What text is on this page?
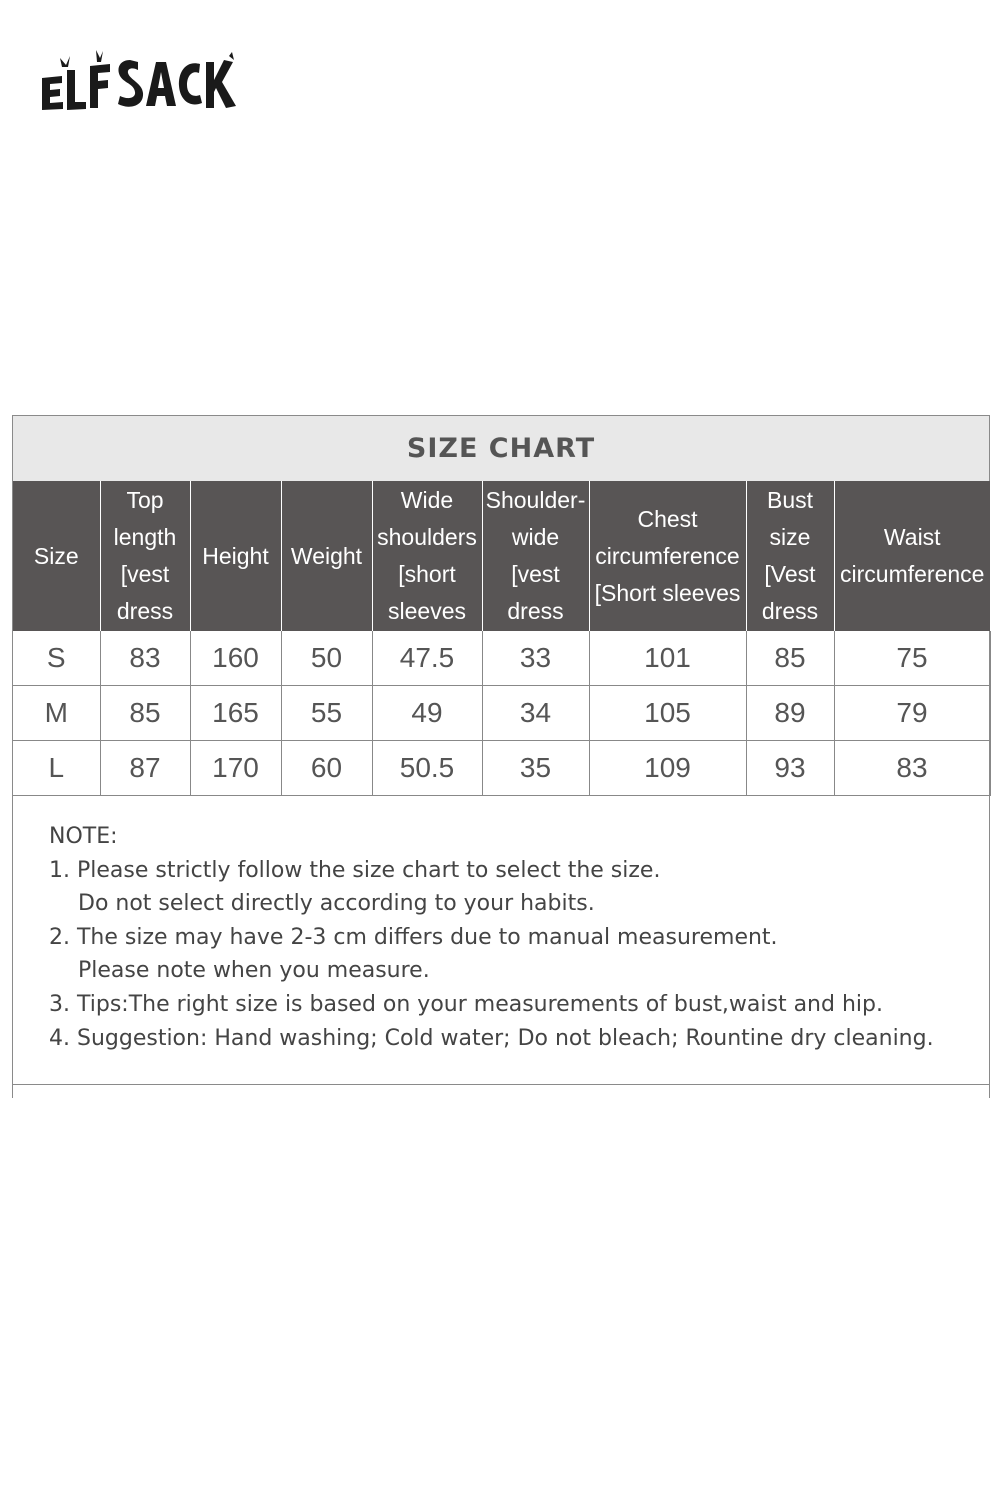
SIZE CHART
Size	Top
length
[vest
dress	Height	Weight	Wide
shoulders
[short
sleeves	Shoulder-
wide
[vest
dress	Chest
circumference
[Short sleeves	Bust
size
[Vest
dress	Waist
circumference

S	83	160	50	47.5	33	101	85	75
M	85	165	55	49	34	105	89	79
L	87	170	60	50.5	35	109	93	83
NOTE:
1. Please strictly follow the size chart to select the size.
Do not select directly according to your habits.
2. The size may have 2-3 cm differs due to manual measurement.
Please note when you measure.
3. Tips:The right size is based on your measurements of bust,waist and hip.
4. Suggestion: Hand washing; Cold water; Do not bleach; Rountine dry cleaning.
